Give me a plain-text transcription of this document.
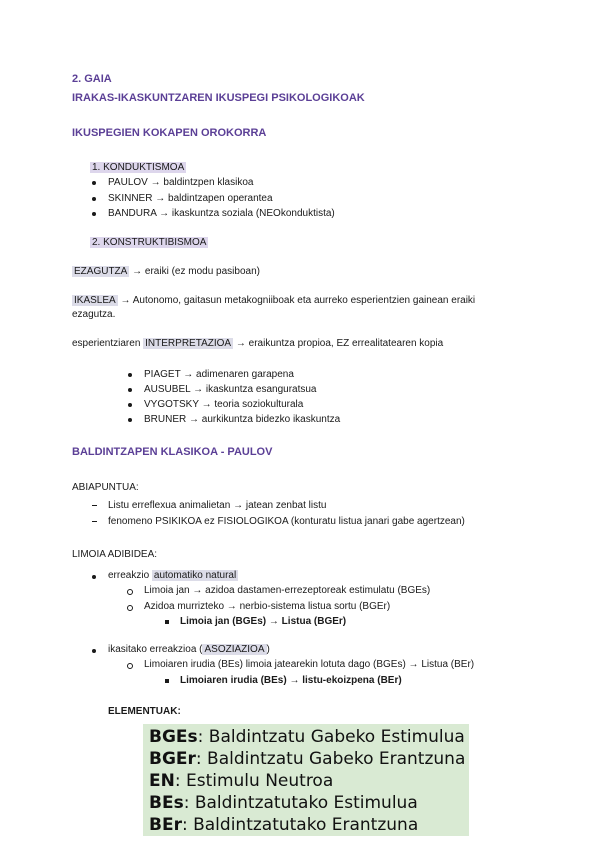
2. GAIA
IRAKAS-IKASKUNTZAREN IKUSPEGI PSIKOLOGIKOAK
IKUSPEGIEN KOKAPEN OROKORRA
1. KONDUKTISMOA
PAULOV → baldintzpen klasikoa
SKINNER → baldintzapen operantea
BANDURA → ikaskuntza soziala (NEOkonduktista)
2. KONSTRUKTIBISMOA
EZAGUTZA → eraiki (ez modu pasiboan)
IKASLEA → Autonomo, gaitasun metakogniiboak eta aurreko esperientzien gainean eraiki
ezagutza.
esperientziaren INTERPRETAZIOA → eraikuntza propioa, EZ errealitatearen kopia
PIAGET → adimenaren garapena
AUSUBEL → ikaskuntza esanguratsua
VYGOTSKY → teoria soziokulturala
BRUNER → aurkikuntza bidezko ikaskuntza
BALDINTZAPEN KLASIKOA - PAULOV
ABIAPUNTUA:
Listu erreflexua animalietan → jatean zenbat listu
fenomeno PSIKIKOA ez FISIOLOGIKOA (konturatu listua janari gabe agertzean)
LIMOIA ADIBIDEA:
erreakzio automatiko natural
Limoia jan → azidoa dastamen-errezeptoreak estimulatu (BGEs)
Azidoa murrizteko → nerbio-sistema listua sortu (BGEr)
Limoia jan (BGEs) → Listua (BGEr)
ikasitako erreakzioa ( ASOZIAZIOA )
Limoiaren irudia (BEs) limoia jatearekin lotuta dago (BGEs) → Listua (BEr)
Limoiaren irudia (BEs) → listu-ekoizpena (BEr)
ELEMENTUAK:
BGEs: Baldintzatu Gabeko Estimulua
BGEr: Baldintzatu Gabeko Erantzuna
EN: Estimulu Neutroa
BEs: Baldintzatutako Estimulua
BEr: Baldintzatutako Erantzuna
